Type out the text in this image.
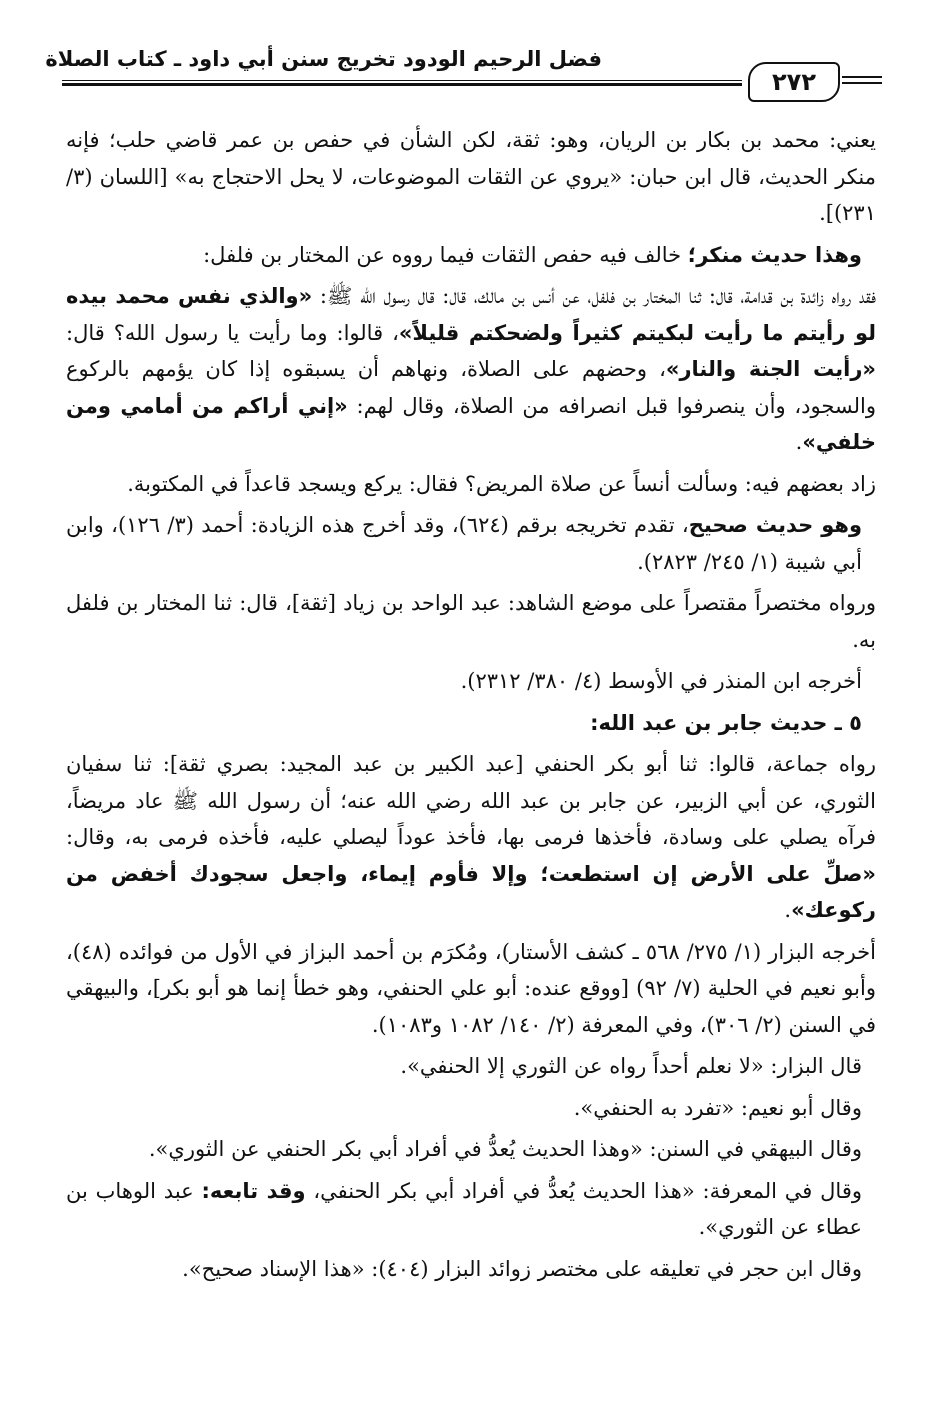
فضل الرحيم الودود تخريج سنن أبي داود ـ كتاب الصلاة
٢٧٢

يعني: محمد بن بكار بن الريان، وهو: ثقة، لكن الشأن في حفص بن عمر قاضي حلب؛ فإنه منكر الحديث، قال ابن حبان: «يروي عن الثقات الموضوعات، لا يحل الاحتجاج به» [اللسان (٣/ ٢٣١)].

وهذا حديث منكر؛ خالف فيه حفص الثقات فيما رووه عن المختار بن فلفل:

فقد رواه زائدة بن قدامة، قال: ثنا المختار بن فلفل، عن أنس بن مالك، قال: قال رسول الله ﷺ: «والذي نفس محمد بيده لو رأيتم ما رأيت لبكيتم كثيراً ولضحكتم قليلاً»، قالوا: وما رأيت يا رسول الله؟ قال: «رأيت الجنة والنار»، وحضهم على الصلاة، ونهاهم أن يسبقوه إذا كان يؤمهم بالركوع والسجود، وأن ينصرفوا قبل انصرافه من الصلاة، وقال لهم: «إني أراكم من أمامي ومن خلفي».

زاد بعضهم فيه: وسألت أنساً عن صلاة المريض؟ فقال: يركع ويسجد قاعداً في المكتوبة.

وهو حديث صحيح، تقدم تخريجه برقم (٦٢٤)، وقد أخرج هذه الزيادة: أحمد (٣/ ١٢٦)، وابن أبي شيبة (١/ ٢٤٥/ ٢٨٢٣).

ورواه مختصراً مقتصراً على موضع الشاهد: عبد الواحد بن زياد [ثقة]، قال: ثنا المختار بن فلفل به.

أخرجه ابن المنذر في الأوسط (٤/ ٣٨٠/ ٢٣١٢).

٥ ـ حديث جابر بن عبد الله:

رواه جماعة، قالوا: ثنا أبو بكر الحنفي [عبد الكبير بن عبد المجيد: بصري ثقة]: ثنا سفيان الثوري، عن أبي الزبير، عن جابر بن عبد الله رضي الله عنه؛ أن رسول الله ﷺ عاد مريضاً، فرآه يصلي على وسادة، فأخذها فرمى بها، فأخذ عوداً ليصلي عليه، فأخذه فرمى به، وقال: «صلِّ على الأرض إن استطعت؛ وإلا فأوم إيماء، واجعل سجودك أخفض من ركوعك».

أخرجه البزار (١/ ٢٧٥/ ٥٦٨ ـ كشف الأستار)، ومُكرَم بن أحمد البزاز في الأول من فوائده (٤٨)، وأبو نعيم في الحلية (٧/ ٩٢) [ووقع عنده: أبو علي الحنفي، وهو خطأ إنما هو أبو بكر]، والبيهقي في السنن (٢/ ٣٠٦)، وفي المعرفة (٢/ ١٤٠/ ١٠٨٢ و١٠٨٣).

قال البزار: «لا نعلم أحداً رواه عن الثوري إلا الحنفي».

وقال أبو نعيم: «تفرد به الحنفي».

وقال البيهقي في السنن: «وهذا الحديث يُعدُّ في أفراد أبي بكر الحنفي عن الثوري».

وقال في المعرفة: «هذا الحديث يُعدُّ في أفراد أبي بكر الحنفي، وقد تابعه: عبد الوهاب بن عطاء عن الثوري».

وقال ابن حجر في تعليقه على مختصر زوائد البزار (٤٠٤): «هذا الإسناد صحيح».
